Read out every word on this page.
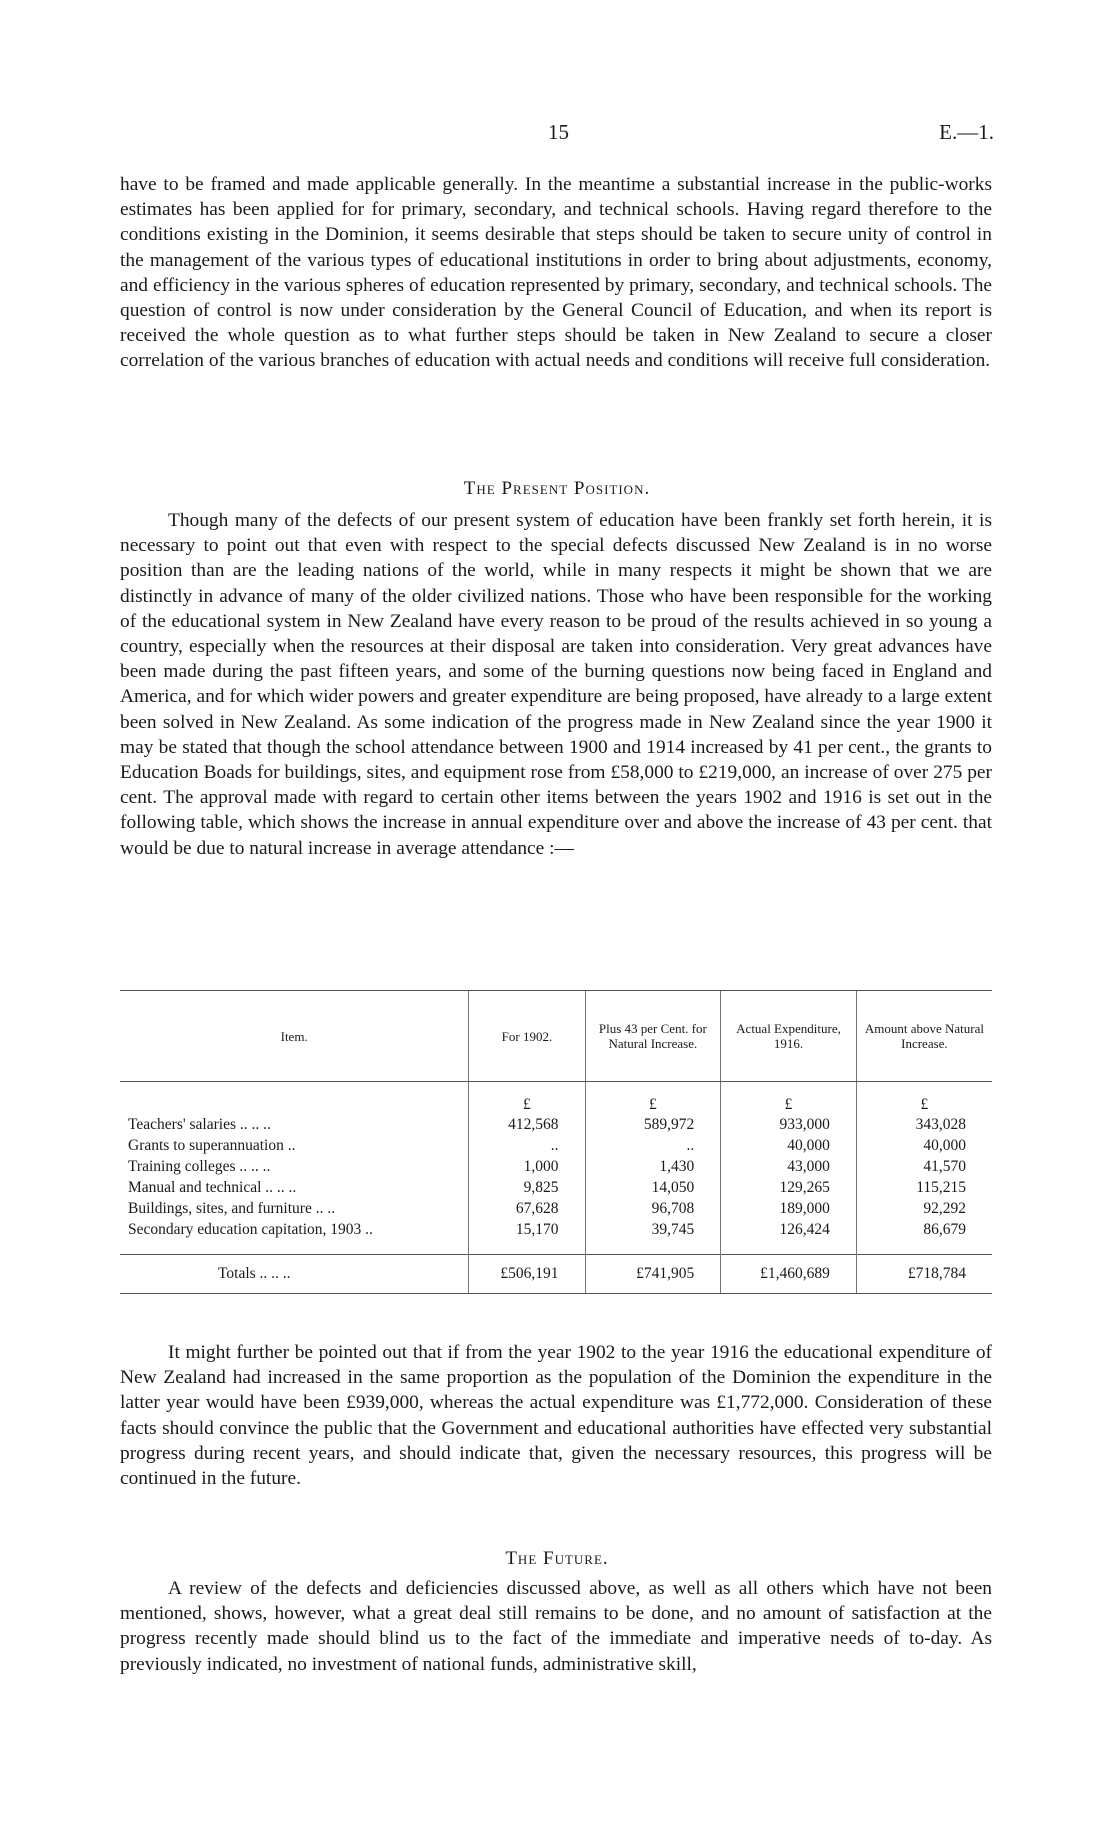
15	E.—1.

have to be framed and made applicable generally. In the meantime a substantial increase in the public-works estimates has been applied for for primary, secondary, and technical schools. Having regard therefore to the conditions existing in the Dominion, it seems desirable that steps should be taken to secure unity of control in the management of the various types of educational institutions in order to bring about adjustments, economy, and efficiency in the various spheres of education represented by primary, secondary, and technical schools. The question of control is now under consideration by the General Council of Education, and when its report is received the whole question as to what further steps should be taken in New Zealand to secure a closer correlation of the various branches of education with actual needs and conditions will receive full consideration.

The Present Position.

Though many of the defects of our present system of education have been frankly set forth herein, it is necessary to point out that even with respect to the special defects discussed New Zealand is in no worse position than are the leading nations of the world, while in many respects it might be shown that we are distinctly in advance of many of the older civilized nations. Those who have been responsible for the working of the educational system in New Zealand have every reason to be proud of the results achieved in so young a country, especially when the resources at their disposal are taken into consideration. Very great advances have been made during the past fifteen years, and some of the burning questions now being faced in England and America, and for which wider powers and greater expenditure are being proposed, have already to a large extent been solved in New Zealand. As some indication of the progress made in New Zealand since the year 1900 it may be stated that though the school attendance between 1900 and 1914 increased by 41 per cent., the grants to Education Boads for buildings, sites, and equipment rose from £58,000 to £219,000, an increase of over 275 per cent. The approval made with regard to certain other items between the years 1902 and 1916 is set out in the following table, which shows the increase in annual expenditure over and above the increase of 43 per cent. that would be due to natural increase in average attendance :—

Item.	For 1902.	Plus 43 per Cent. for Natural Increase.	Actual Expenditure, 1916.	Amount above Natural Increase.
	£	£	£	£
Teachers' salaries .. .. ..	412,568	589,972	933,000	343,028
Grants to superannuation ..	..	..	40,000	40,000
Training colleges .. .. ..	1,000	1,430	43,000	41,570
Manual and technical .. .. ..	9,825	14,050	129,265	115,215
Buildings, sites, and furniture .. ..	67,628	96,708	189,000	92,292
Secondary education capitation, 1903 ..	15,170	39,745	126,424	86,679

Totals .. .. ..	£506,191	£741,905	£1,460,689	£718,784

It might further be pointed out that if from the year 1902 to the year 1916 the educational expenditure of New Zealand had increased in the same proportion as the population of the Dominion the expenditure in the latter year would have been £939,000, whereas the actual expenditure was £1,772,000. Consideration of these facts should convince the public that the Government and educational authorities have effected very substantial progress during recent years, and should indicate that, given the necessary resources, this progress will be continued in the future.

The Future.

A review of the defects and deficiencies discussed above, as well as all others which have not been mentioned, shows, however, what a great deal still remains to be done, and no amount of satisfaction at the progress recently made should blind us to the fact of the immediate and imperative needs of to-day. As previously indicated, no investment of national funds, administrative skill,
